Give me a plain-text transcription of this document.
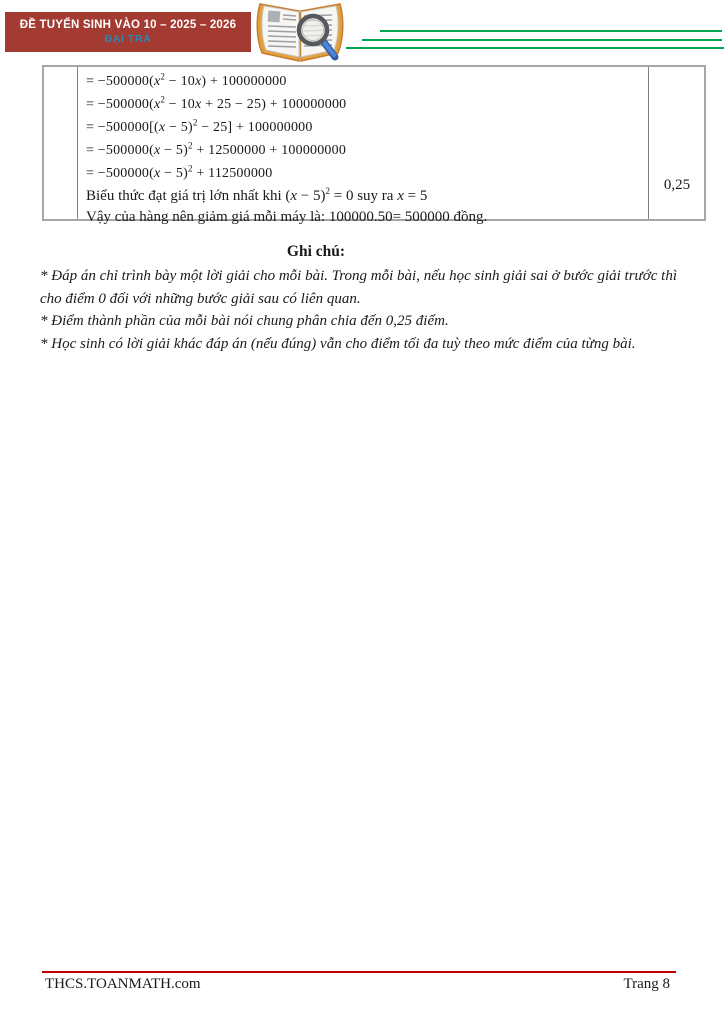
ĐỀ TUYỂN SINH VÀO 10 – 2025 – 2026
ĐẠI TRÀ
= $-500000(x^2 - 10x) + 100000000$
= $-500000(x^2 - 10x + 25 - 25) + 100000000$
= $-500000[(x - 5)^2 - 25] + 100000000$
= $-500000(x - 5)^2 + 12500000 + 100000000$
= $-500000(x - 5)^2 + 112500000$
Biểu thức đạt giá trị lớn nhất khi $(x - 5)^2 = 0$ suy ra x = 5
Vậy của hàng nên giảm giá mỗi máy là: 100000.50= 500000 đồng.
0,25
Ghi chú:

* Đáp án chỉ trình bày một lời giải cho mỗi bài. Trong mỗi bài, nếu học sinh giải sai ở bước giải trước thì cho điểm 0 đối với những bước giải sau có liên quan.

* Điểm thành phần của mỗi bài nói chung phân chia đến 0,25 điểm.

* Học sinh có lời giải khác đáp án (nếu đúng) vẫn cho điểm tối đa tuỳ theo mức điểm của từng bài.

THCS.TOANMATH.com	Trang 8
